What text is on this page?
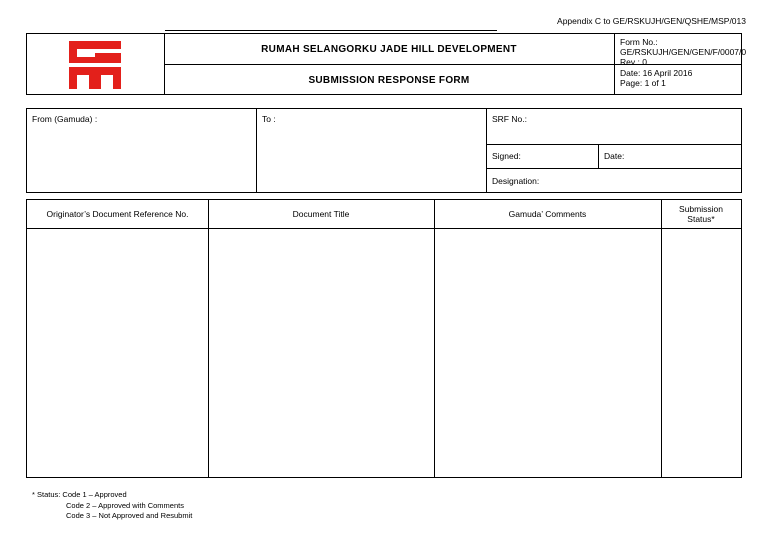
Appendix C to GE/RSKUJH/GEN/QSHE/MSP/013
RUMAH SELANGORKU JADE HILL DEVELOPMENT
SUBMISSION RESPONSE FORM
Form No.:
GE/RSKUJH/GEN/GEN/F/0007/0
Rev : 0
Date: 16 April 2016
Page: 1 of 1
From (Gamuda) :	To :	SRF No.:
Signed:	Date:
Designation:
Originator’s Document Reference No.	Document Title	Gamuda’ Comments	Submission Status*
* Status: Code 1 – Approved
Code 2 – Approved with Comments
Code 3 – Not Approved and Resubmit
